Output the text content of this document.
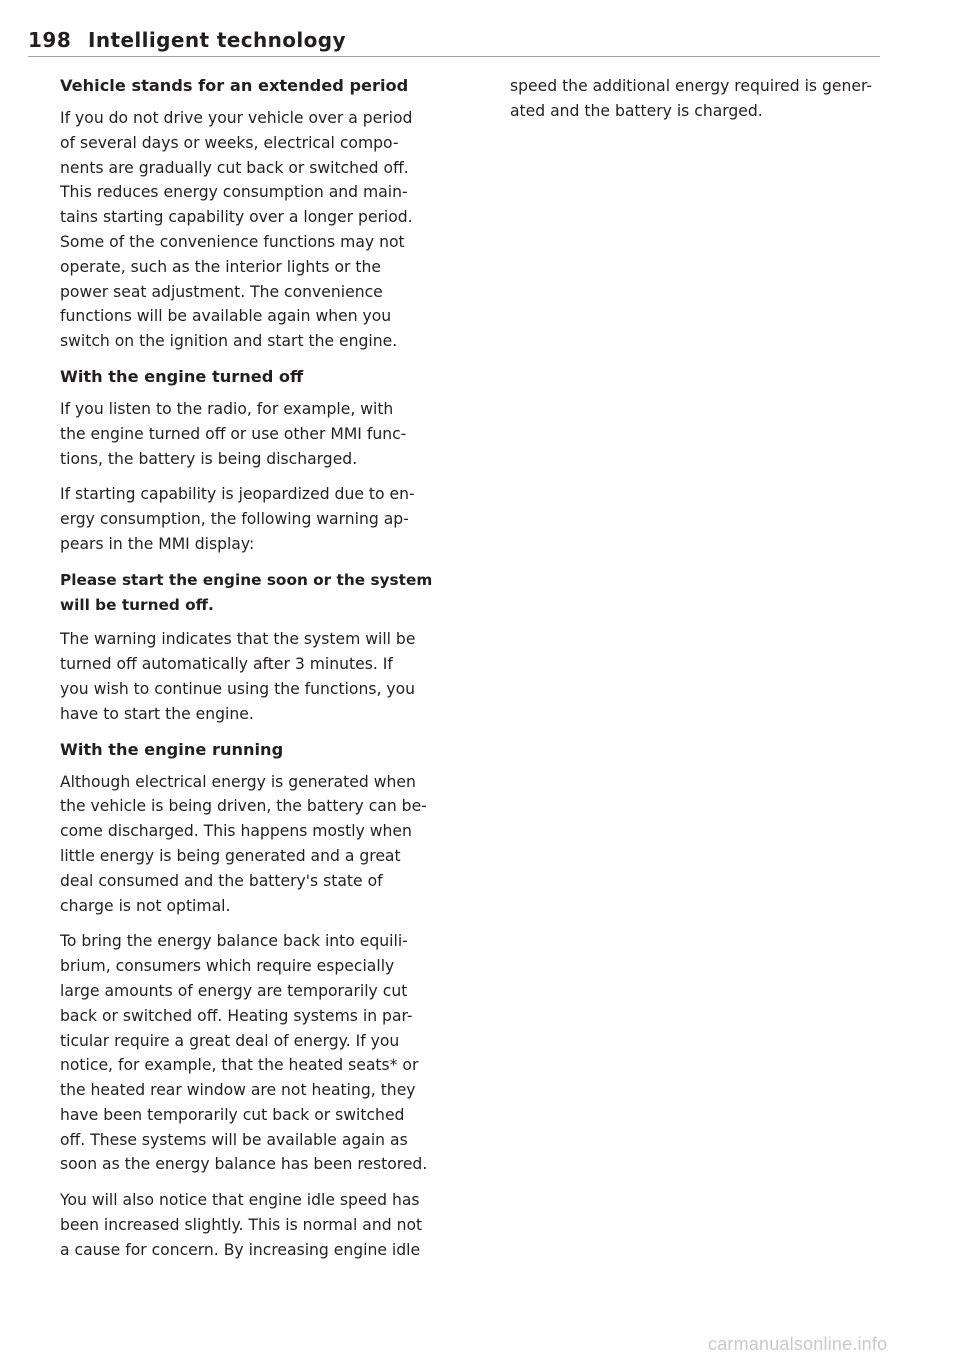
198 Intelligent technology
Vehicle stands for an extended period
If you do not drive your vehicle over a period
of several days or weeks, electrical compo-
nents are gradually cut back or switched off.
This reduces energy consumption and main-
tains starting capability over a longer period.
Some of the convenience functions may not
operate, such as the interior lights or the
power seat adjustment. The convenience
functions will be available again when you
switch on the ignition and start the engine.
With the engine turned off
If you listen to the radio, for example, with
the engine turned off or use other MMI func-
tions, the battery is being discharged.
If starting capability is jeopardized due to en-
ergy consumption, the following warning ap-
pears in the MMI display:
Please start the engine soon or the system
will be turned off.
The warning indicates that the system will be
turned off automatically after 3 minutes. If
you wish to continue using the functions, you
have to start the engine.
With the engine running
Although electrical energy is generated when
the vehicle is being driven, the battery can be-
come discharged. This happens mostly when
little energy is being generated and a great
deal consumed and the battery's state of
charge is not optimal.
To bring the energy balance back into equili-
brium, consumers which require especially
large amounts of energy are temporarily cut
back or switched off. Heating systems in par-
ticular require a great deal of energy. If you
notice, for example, that the heated seats* or
the heated rear window are not heating, they
have been temporarily cut back or switched
off. These systems will be available again as
soon as the energy balance has been restored.
You will also notice that engine idle speed has
been increased slightly. This is normal and not
a cause for concern. By increasing engine idle
speed the additional energy required is gener-
ated and the battery is charged.
carmanualsonline.info
